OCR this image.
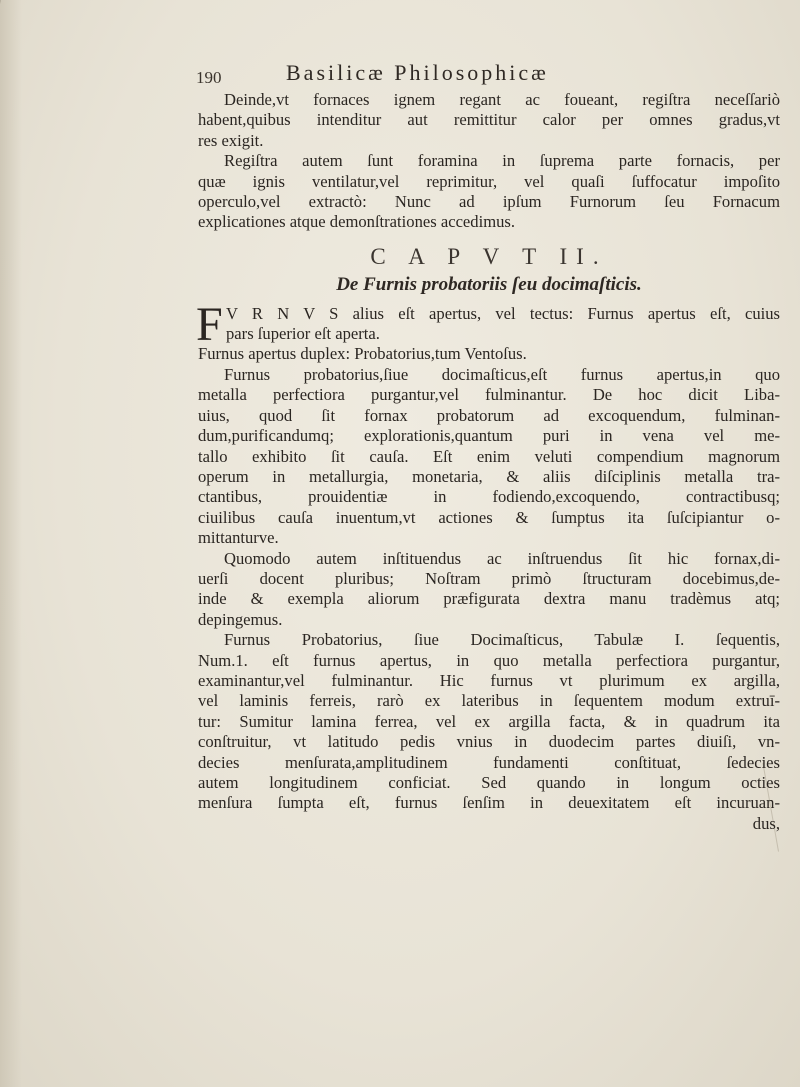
190	Basilicæ Philosophicæ
Deinde,vt fornaces ignem regant ac foueant, regiſtra neceſſariò
habent,quibus intenditur aut remittitur calor per omnes gradus,vt
res exigit.
Regiſtra autem ſunt foramina in ſuprema parte fornacis, per
quæ ignis ventilatur,vel reprimitur, vel quaſi ſuffocatur impoſito
operculo,vel extractò: Nunc ad ipſum Furnorum ſeu Fornacum
explicationes atque demonſtrationes accedimus.
C A P V T II.
De Furnis probatoriis ſeu docimaſticis.
F V R N V S alius eſt apertus, vel tectus: Furnus apertus eſt, cuius
pars ſuperior eſt aperta.
Furnus apertus duplex: Probatorius,tum Ventoſus.
Furnus probatorius,ſiue docimaſticus,eſt furnus apertus,in quo
metalla perfectiora purgantur,vel fulminantur. De hoc dicit Liba-
uius, quod ſit fornax probatorum ad excoquendum, fulminan-
dum,purificandumq; explorationis,quantum puri in vena vel me-
tallo exhibito ſit cauſa. Eſt enim veluti compendium magnorum
operum in metallurgia, monetaria, & aliis diſciplinis metalla tra-
ctantibus, prouidentiæ in fodiendo,excoquendo, contractibusq;
ciuilibus cauſa inuentum,vt actiones & ſumptus ita ſuſcipiantur o-
mittanturve.
Quomodo autem inſtituendus ac inſtruendus ſit hic fornax,di-
uerſi docent pluribus; Noſtram primò ſtructuram docebimus,de-
inde & exempla aliorum præfigurata dextra manu tradèmus atq;
depingemus.
Furnus Probatorius, ſiue Docimaſticus, Tabulæ I. ſequentis,
Num.1. eſt furnus apertus, in quo metalla perfectiora purgantur,
examinantur,vel fulminantur. Hic furnus vt plurimum ex argilla,
vel laminis ferreis, rarò ex lateribus in ſequentem modum extruī-
tur: Sumitur lamina ferrea, vel ex argilla facta, & in quadrum ita
conſtruitur, vt latitudo pedis vnius in duodecim partes diuiſi, vn-
decies menſurata,amplitudinem fundamenti conſtituat, ſedecies
autem longitudinem conficiat. Sed quando in longum octies
menſura ſumpta eſt, furnus ſenſim in deuexitatem eſt incuruan-
dus,
